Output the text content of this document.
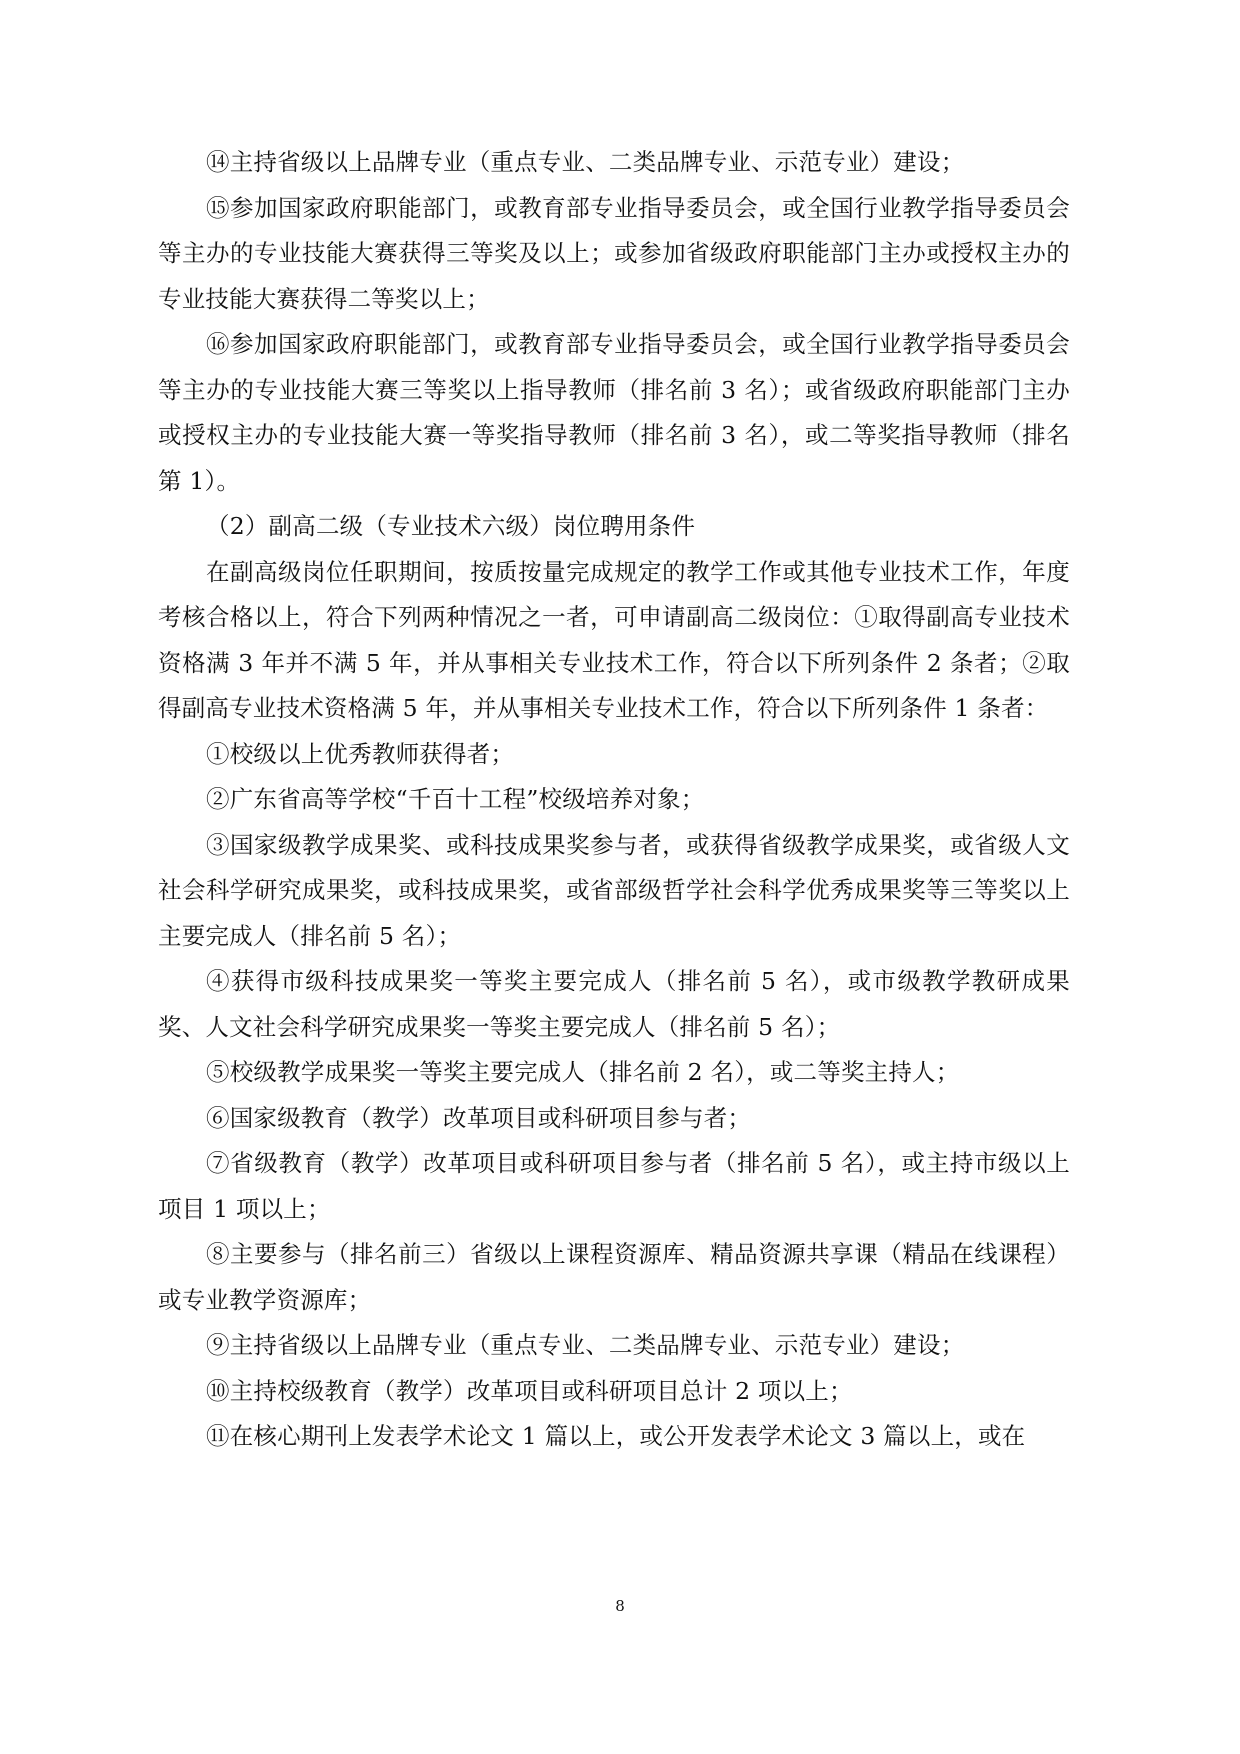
⑭主持省级以上品牌专业（重点专业、二类品牌专业、示范专业）建设；

⑮参加国家政府职能部门，或教育部专业指导委员会，或全国行业教学指导委员会等主办的专业技能大赛获得三等奖及以上；或参加省级政府职能部门主办或授权主办的专业技能大赛获得二等奖以上；

⑯参加国家政府职能部门，或教育部专业指导委员会，或全国行业教学指导委员会等主办的专业技能大赛三等奖以上指导教师（排名前 3 名）；或省级政府职能部门主办或授权主办的专业技能大赛一等奖指导教师（排名前 3 名），或二等奖指导教师（排名第 1）。

（2）副高二级（专业技术六级）岗位聘用条件

在副高级岗位任职期间，按质按量完成规定的教学工作或其他专业技术工作，年度考核合格以上，符合下列两种情况之一者，可申请副高二级岗位：①取得副高专业技术资格满 3 年并不满 5 年，并从事相关专业技术工作，符合以下所列条件 2 条者；②取得副高专业技术资格满 5 年，并从事相关专业技术工作，符合以下所列条件 1 条者：

①校级以上优秀教师获得者；

②广东省高等学校“千百十工程”校级培养对象；

③国家级教学成果奖、或科技成果奖参与者，或获得省级教学成果奖，或省级人文社会科学研究成果奖，或科技成果奖，或省部级哲学社会科学优秀成果奖等三等奖以上主要完成人（排名前 5 名）；

④获得市级科技成果奖一等奖主要完成人（排名前 5 名），或市级教学教研成果奖、人文社会科学研究成果奖一等奖主要完成人（排名前 5 名）；

⑤校级教学成果奖一等奖主要完成人（排名前 2 名），或二等奖主持人；

⑥国家级教育（教学）改革项目或科研项目参与者；

⑦省级教育（教学）改革项目或科研项目参与者（排名前 5 名），或主持市级以上项目 1 项以上；

⑧主要参与（排名前三）省级以上课程资源库、精品资源共享课（精品在线课程）或专业教学资源库；

⑨主持省级以上品牌专业（重点专业、二类品牌专业、示范专业）建设；

⑩主持校级教育（教学）改革项目或科研项目总计 2 项以上；

⑪在核心期刊上发表学术论文 1 篇以上，或公开发表学术论文 3 篇以上，或在

8
